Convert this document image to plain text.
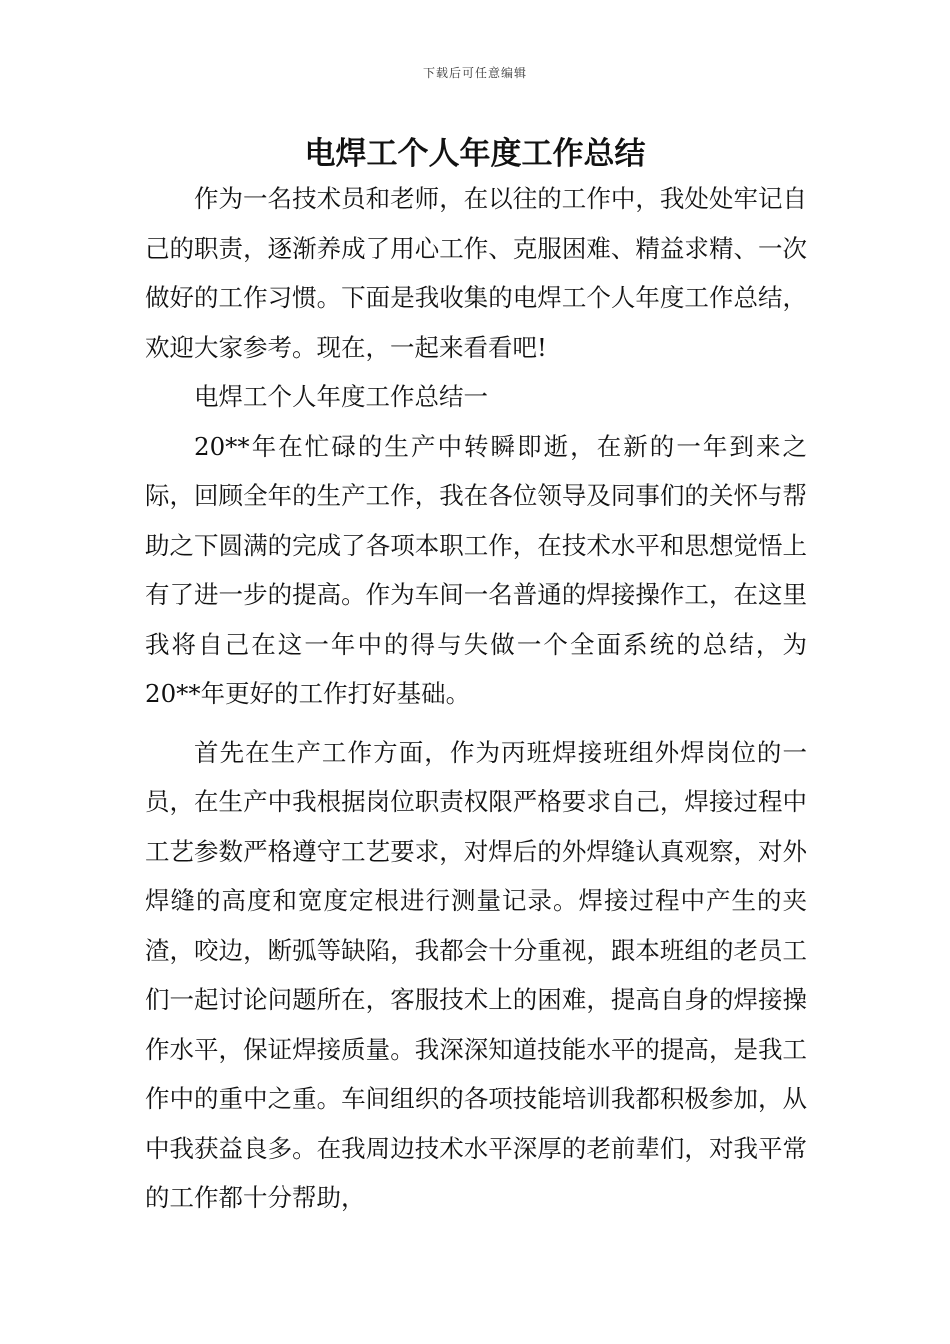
下载后可任意编辑
电焊工个人年度工作总结

作为一名技术员和老师，在以往的工作中，我处处牢记自己的职责，逐渐养成了用心工作、克服困难、精益求精、一次做好的工作习惯。下面是我收集的电焊工个人年度工作总结，欢迎大家参考。现在，一起来看看吧!

电焊工个人年度工作总结一

20**年在忙碌的生产中转瞬即逝，在新的一年到来之际，回顾全年的生产工作，我在各位领导及同事们的关怀与帮助之下圆满的完成了各项本职工作，在技术水平和思想觉悟上有了进一步的提高。作为车间一名普通的焊接操作工，在这里我将自己在这一年中的得与失做一个全面系统的总结，为20**年更好的工作打好基础。

首先在生产工作方面，作为丙班焊接班组外焊岗位的一员，在生产中我根据岗位职责权限严格要求自己，焊接过程中工艺参数严格遵守工艺要求，对焊后的外焊缝认真观察，对外焊缝的高度和宽度定根进行测量记录。焊接过程中产生的夹渣，咬边，断弧等缺陷，我都会十分重视，跟本班组的老员工们一起讨论问题所在，客服技术上的困难，提高自身的焊接操作水平，保证焊接质量。我深深知道技能水平的提高，是我工作中的重中之重。车间组织的各项技能培训我都积极参加，从中我获益良多。在我周边技术水平深厚的老前辈们，对我平常的工作都十分帮助，
